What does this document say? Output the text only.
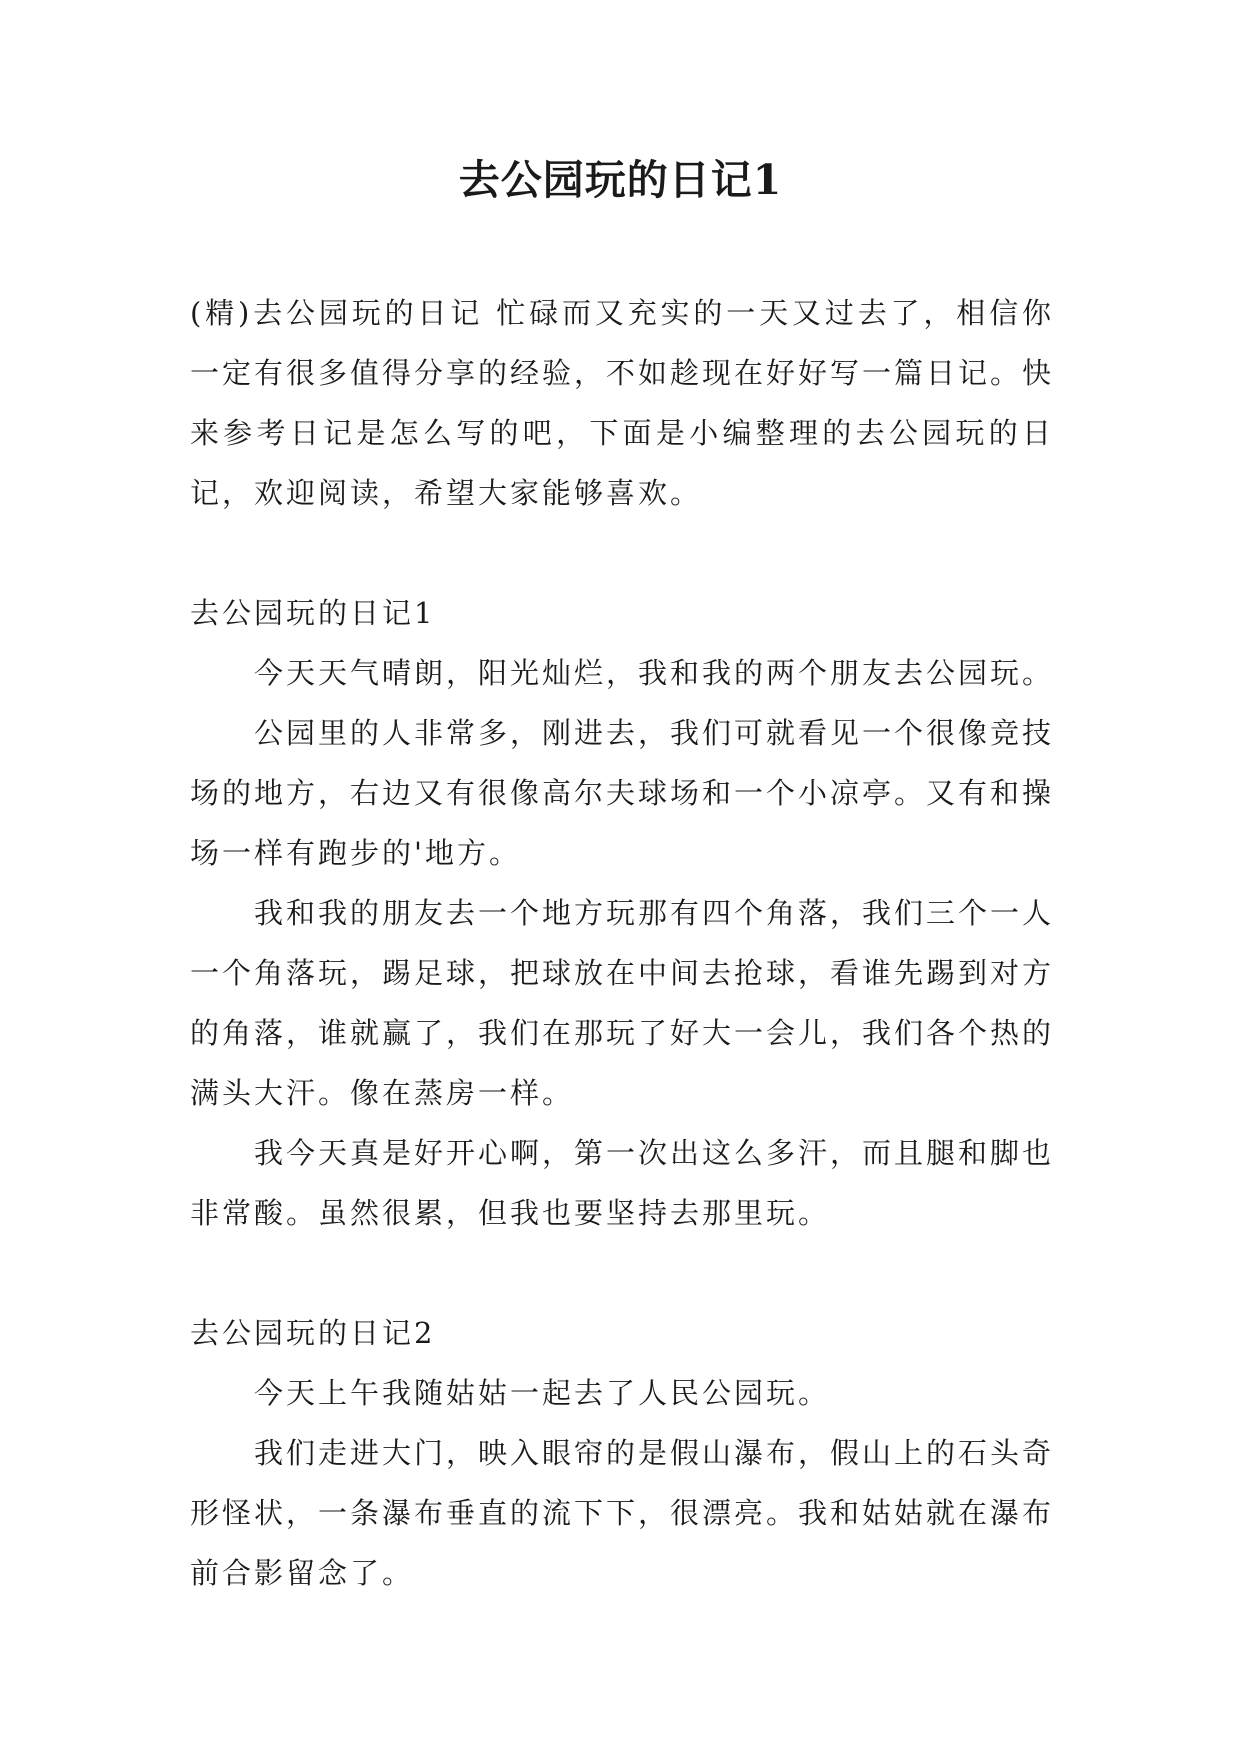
去公园玩的日记1

(精)去公园玩的日记 忙碌而又充实的一天又过去了，相信你一定有很多值得分享的经验，不如趁现在好好写一篇日记。快来参考日记是怎么写的吧，下面是小编整理的去公园玩的日记，欢迎阅读，希望大家能够喜欢。

去公园玩的日记1

今天天气晴朗，阳光灿烂，我和我的两个朋友去公园玩。

公园里的人非常多，刚进去，我们可就看见一个很像竞技场的地方，右边又有很像高尔夫球场和一个小凉亭。又有和操场一样有跑步的'地方。

我和我的朋友去一个地方玩那有四个角落，我们三个一人一个角落玩，踢足球，把球放在中间去抢球，看谁先踢到对方的角落，谁就赢了，我们在那玩了好大一会儿，我们各个热的满头大汗。像在蒸房一样。

我今天真是好开心啊，第一次出这么多汗，而且腿和脚也非常酸。虽然很累，但我也要坚持去那里玩。

去公园玩的日记2

今天上午我随姑姑一起去了人民公园玩。

我们走进大门，映入眼帘的是假山瀑布，假山上的石头奇形怪状，一条瀑布垂直的流下下，很漂亮。我和姑姑就在瀑布前合影留念了。
